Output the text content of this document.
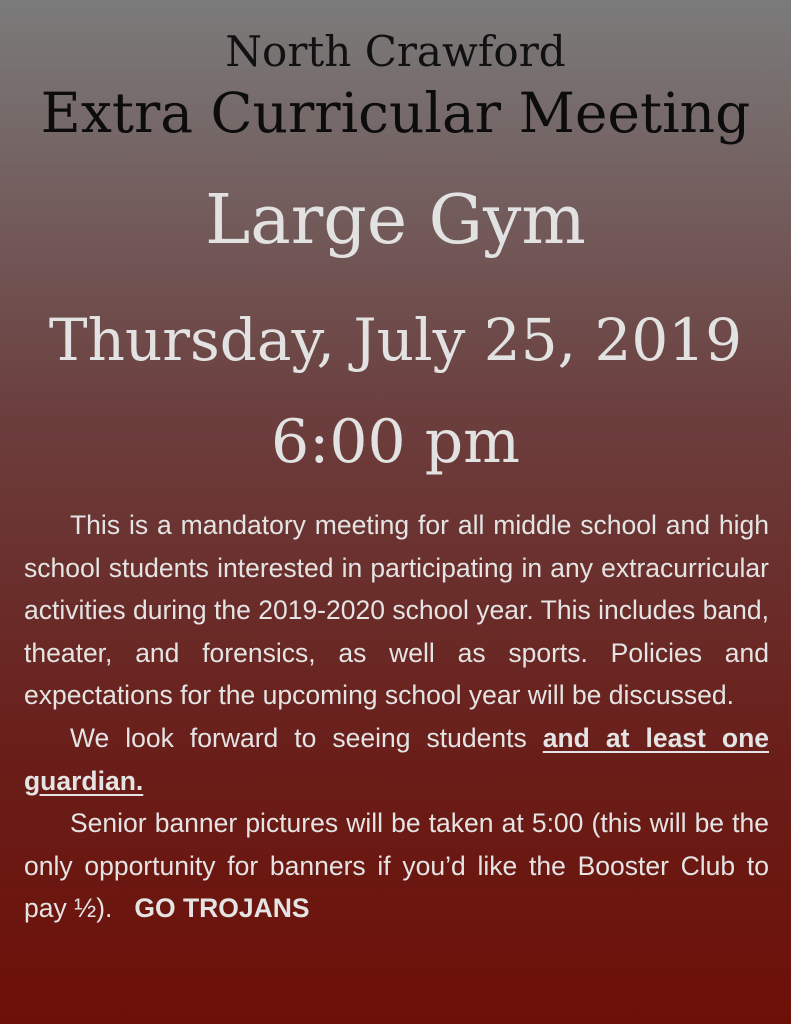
North Crawford
Extra Curricular Meeting
Large Gym
Thursday, July 25, 2019
6:00 pm

This is a mandatory meeting for all middle school and high school students interested in participating in any extracurricular activities during the 2019-2020 school year. This includes band, theater, and forensics, as well as sports. Policies and expectations for the upcoming school year will be discussed.

We look forward to seeing students and at least one guardian.

Senior banner pictures will be taken at 5:00 (this will be the only opportunity for banners if you’d like the Booster Club to pay ½). GO TROJANS
